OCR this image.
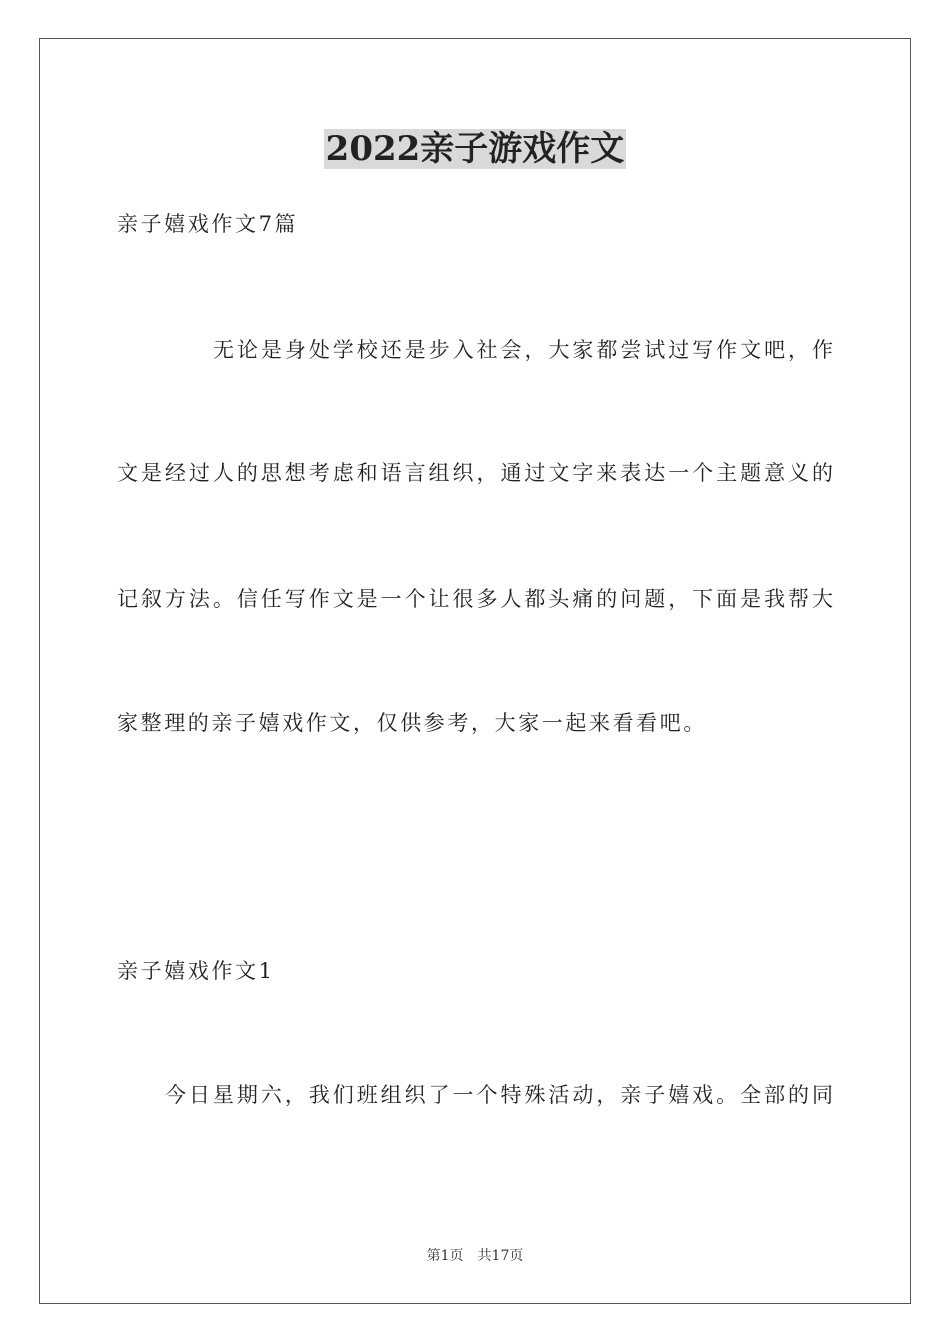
2022亲子游戏作文
亲子嬉戏作文7篇
无论是身处学校还是步入社会，大家都尝试过写作文吧，作
文是经过人的思想考虑和语言组织，通过文字来表达一个主题意义的
记叙方法。信任写作文是一个让很多人都头痛的问题，下面是我帮大
家整理的亲子嬉戏作文，仅供参考，大家一起来看看吧。
亲子嬉戏作文1
今日星期六，我们班组织了一个特殊活动，亲子嬉戏。全部的同
第1页 共17页
